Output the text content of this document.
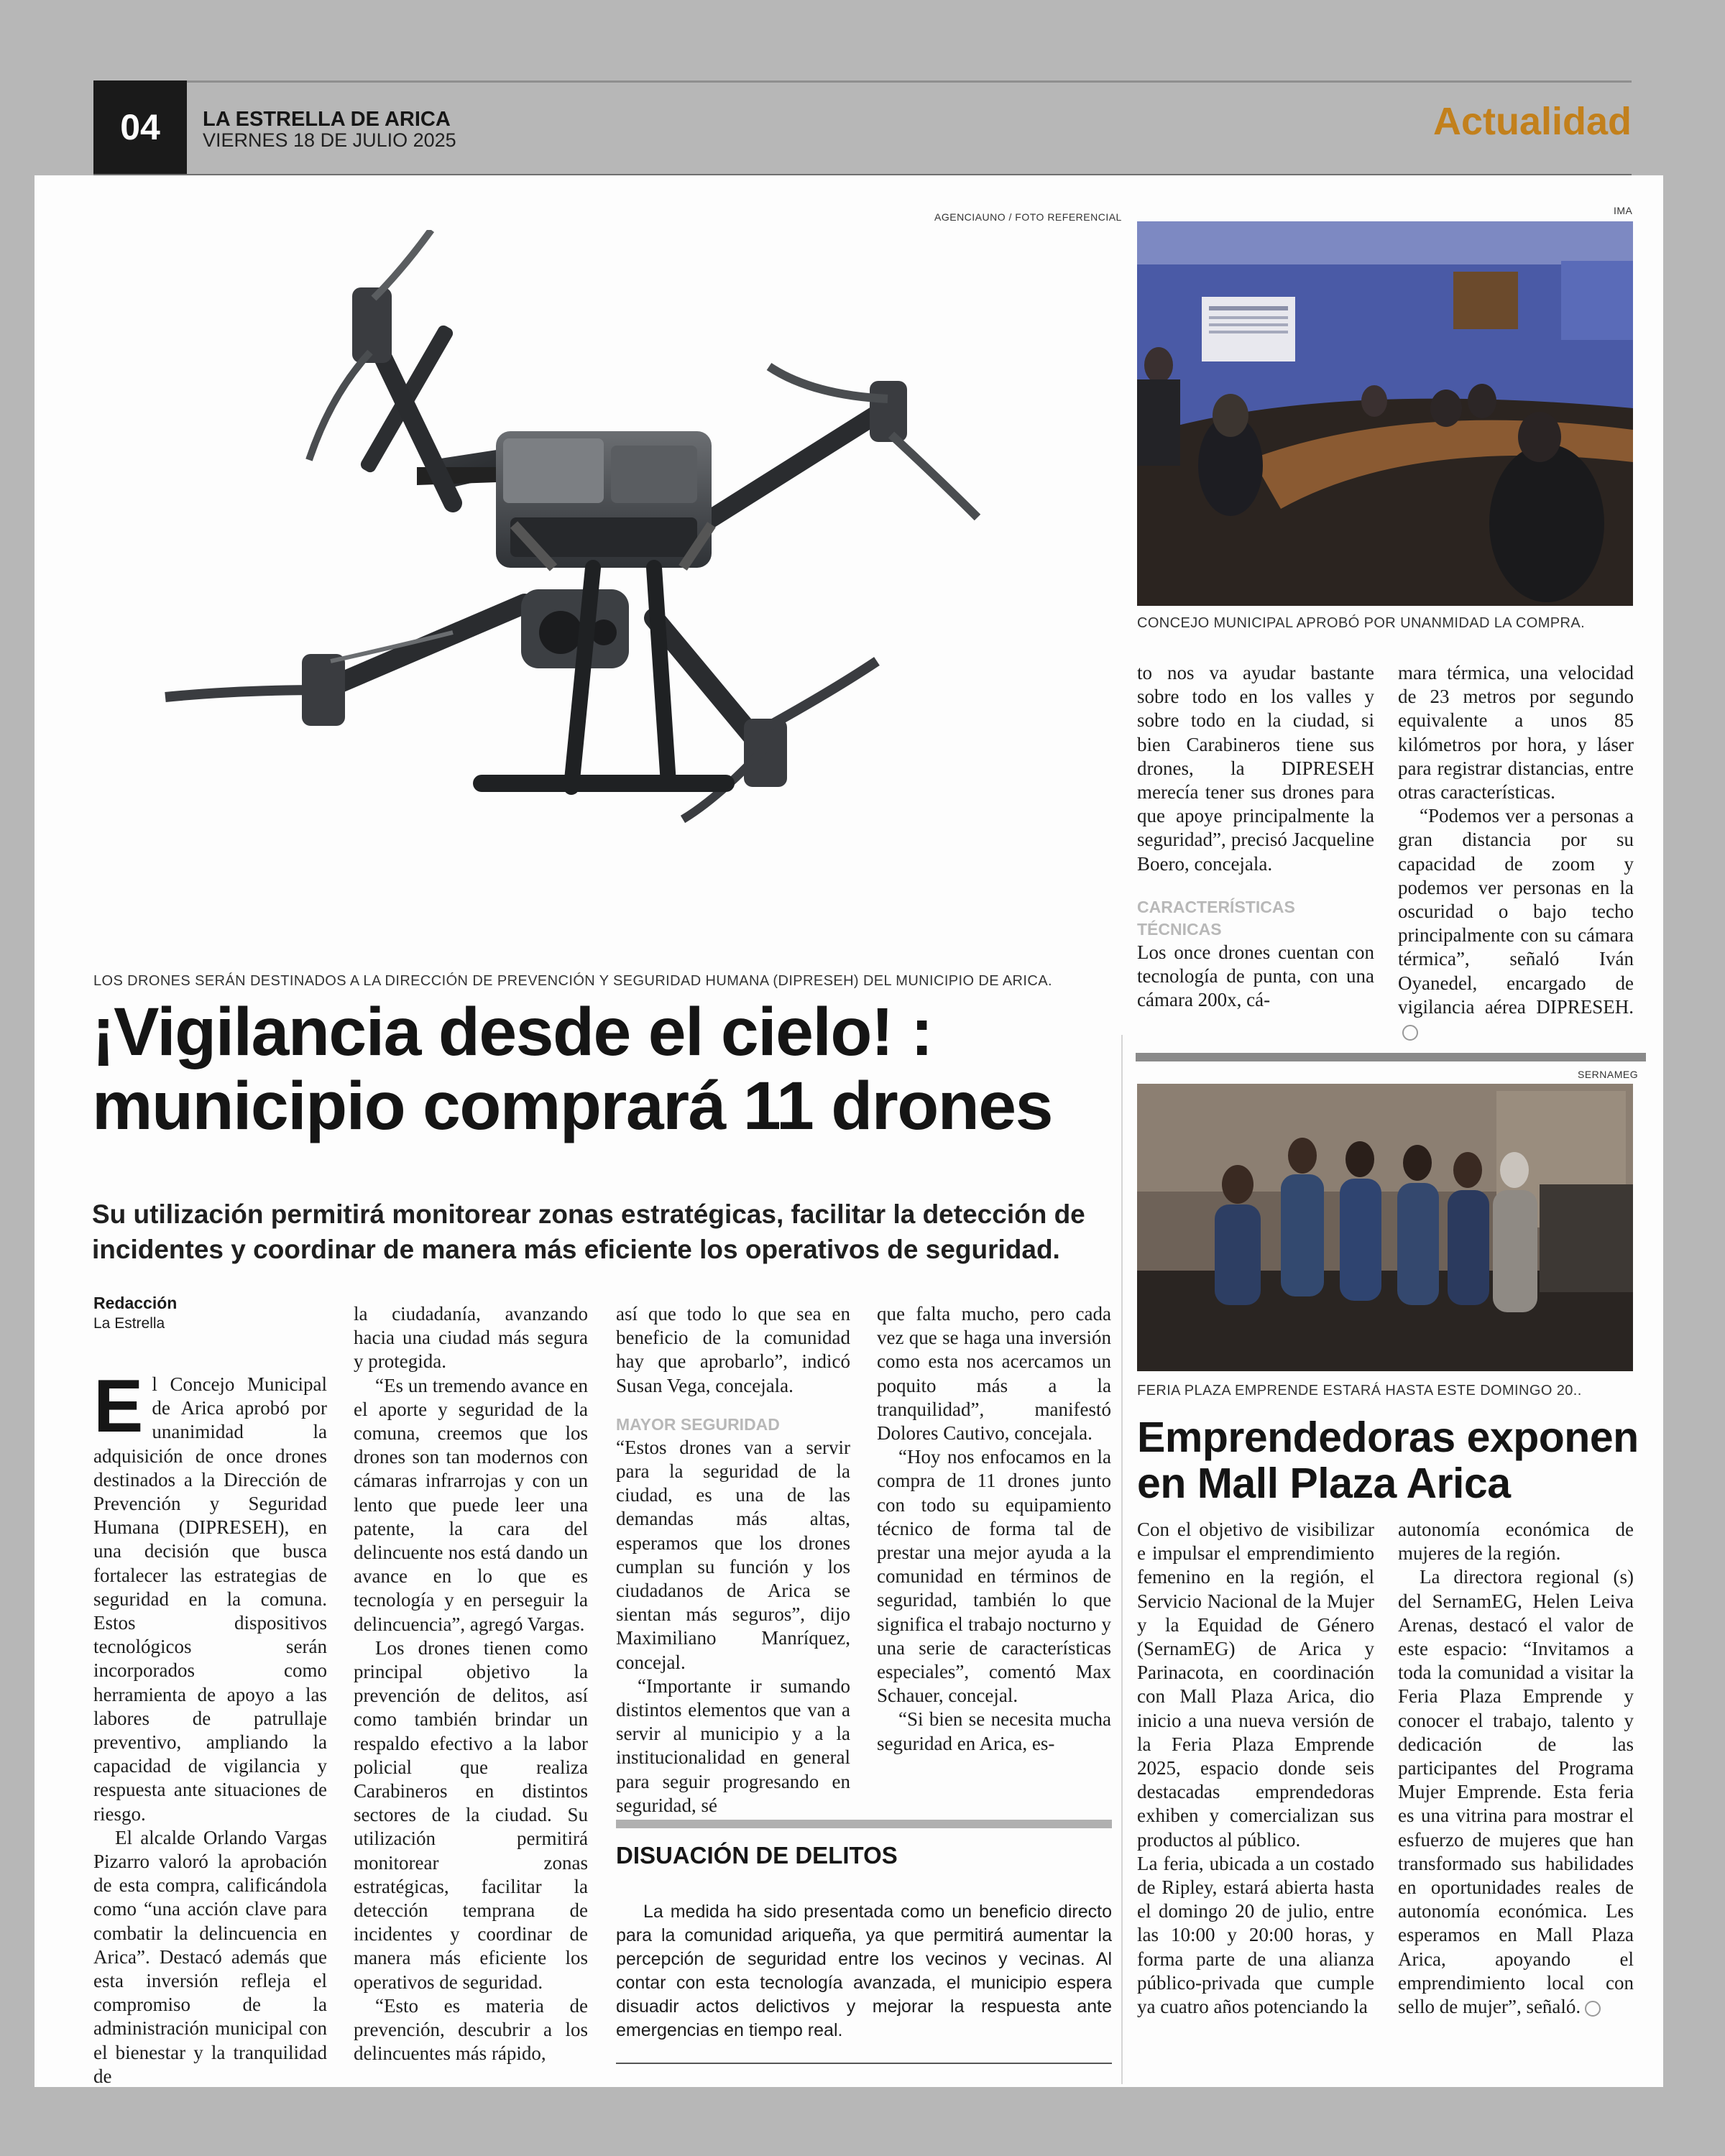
04	LA ESTRELLA DE ARICA
VIERNES 18 DE JULIO 2025	Actualidad
AGENCIAUNO / FOTO REFERENCIAL
LOS DRONES SERÁN DESTINADOS A LA DIRECCIÓN DE PREVENCIÓN Y SEGURIDAD HUMANA (DIPRESEH) DEL MUNICIPIO DE ARICA.
¡Vigilancia desde el cielo! :
municipio comprará 11 drones
Su utilización permitirá monitorear zonas estratégicas, facilitar la detección de incidentes y coordinar de manera más eficiente los operativos de seguridad.
Redacción
La Estrella

El Concejo Municipal de Arica aprobó por unanimidad la adquisición de once drones destinados a la Dirección de Prevención y Seguridad Humana (DIPRESEH), en una decisión que busca fortalecer las estrategias de seguridad en la comuna. Estos dispositivos tecnológicos serán incorporados como herramienta de apoyo a las labores de patrullaje preventivo, ampliando la capacidad de vigilancia y respuesta ante situaciones de riesgo.

El alcalde Orlando Vargas Pizarro valoró la aprobación de esta compra, calificándola como “una acción clave para combatir la delincuencia en Arica”. Destacó además que esta inversión refleja el compromiso de la administración municipal con el bienestar y la tranquilidad de

la ciudadanía, avanzando hacia una ciudad más segura y protegida.

“Es un tremendo avance en el aporte y seguridad de la comuna, creemos que los drones son tan modernos con cámaras infrarrojas y con un lento que puede leer una patente, la cara del delincuente nos está dando un avance en lo que es tecnología y en perseguir la delincuencia”, agregó Vargas.

Los drones tienen como principal objetivo la prevención de delitos, así como también brindar un respaldo efectivo a la labor policial que realiza Carabineros en distintos sectores de la ciudad. Su utilización permitirá monitorear zonas estratégicas, facilitar la detección temprana de incidentes y coordinar de manera más eficiente los operativos de seguridad.

“Esto es materia de prevención, descubrir a los delincuentes más rápido,

así que todo lo que sea en beneficio de la comunidad hay que aprobarlo”, indicó Susan Vega, concejala.

MAYOR SEGURIDAD

“Estos drones van a servir para la seguridad de la ciudad, es una de las demandas más altas, esperamos que los drones cumplan su función y los ciudadanos de Arica se sientan más seguros”, dijo Maximiliano Manríquez, concejal.

“Importante ir sumando distintos elementos que van a servir al municipio y a la institucionalidad en general para seguir progresando en seguridad, sé

que falta mucho, pero cada vez que se haga una inversión como esta nos acercamos un poquito más a la tranquilidad”, manifestó Dolores Cautivo, concejala.

“Hoy nos enfocamos en la compra de 11 drones junto con todo su equipamiento técnico de forma tal de prestar una mejor ayuda a la comunidad en términos de seguridad, también lo que significa el trabajo nocturno y una serie de características especiales”, comentó Max Schauer, concejal.

“Si bien se necesita mucha seguridad en Arica, es-

DISUACIÓN DE DELITOS
La medida ha sido presentada como un beneficio directo para la comunidad ariqueña, ya que permitirá aumentar la percepción de seguridad entre los vecinos y vecinas. Al contar con esta tecnología avanzada, el municipio espera disuadir actos delictivos y mejorar la respuesta ante emergencias en tiempo real.
IMA
CONCEJO MUNICIPAL APROBÓ POR UNANMIDAD LA COMPRA.

to nos va ayudar bastante sobre todo en los valles y sobre todo en la ciudad, si bien Carabineros tiene sus drones, la DIPRESEH merecía tener sus drones para que apoye principalmente la seguridad”, precisó Jacqueline Boero, concejala.

CARACTERÍSTICAS TÉCNICAS

Los once drones cuentan con tecnología de punta, con una cámara 200x, cá-

mara térmica, una velocidad de 23 metros por segundo equivalente a unos 85 kilómetros por hora, y láser para registrar distancias, entre otras características.

“Podemos ver a personas a gran distancia por su capacidad de zoom y podemos ver personas en la oscuridad o bajo techo principalmente con su cámara térmica”, señaló Iván Oyanedel, encargado de vigilancia aérea DIPRESEH.

SERNAMEG
FERIA PLAZA EMPRENDE ESTARÁ HASTA ESTE DOMINGO 20..
Emprendedoras exponen en Mall Plaza Arica

Con el objetivo de visibilizar e impulsar el emprendimiento femenino en la región, el Servicio Nacional de la Mujer y la Equidad de Género (SernamEG) de Arica y Parinacota, en coordinación con Mall Plaza Arica, dio inicio a una nueva versión de la Feria Plaza Emprende 2025, espacio donde seis destacadas emprendedoras exhiben y comercializan sus productos al público.

La feria, ubicada a un costado de Ripley, estará abierta hasta el domingo 20 de julio, entre las 10:00 y 20:00 horas, y forma parte de una alianza público-privada que cumple ya cuatro años potenciando la

autonomía económica de mujeres de la región.

La directora regional (s) del SernamEG, Helen Leiva Arenas, destacó el valor de este espacio: “Invitamos a toda la comunidad a visitar la Feria Plaza Emprende y conocer el trabajo, talento y dedicación de las participantes del Programa Mujer Emprende. Esta feria es una vitrina para mostrar el esfuerzo de mujeres que han transformado sus habilidades en oportunidades reales de autonomía económica. Les esperamos en Mall Plaza Arica, apoyando el emprendimiento local con sello de mujer”, señaló.
